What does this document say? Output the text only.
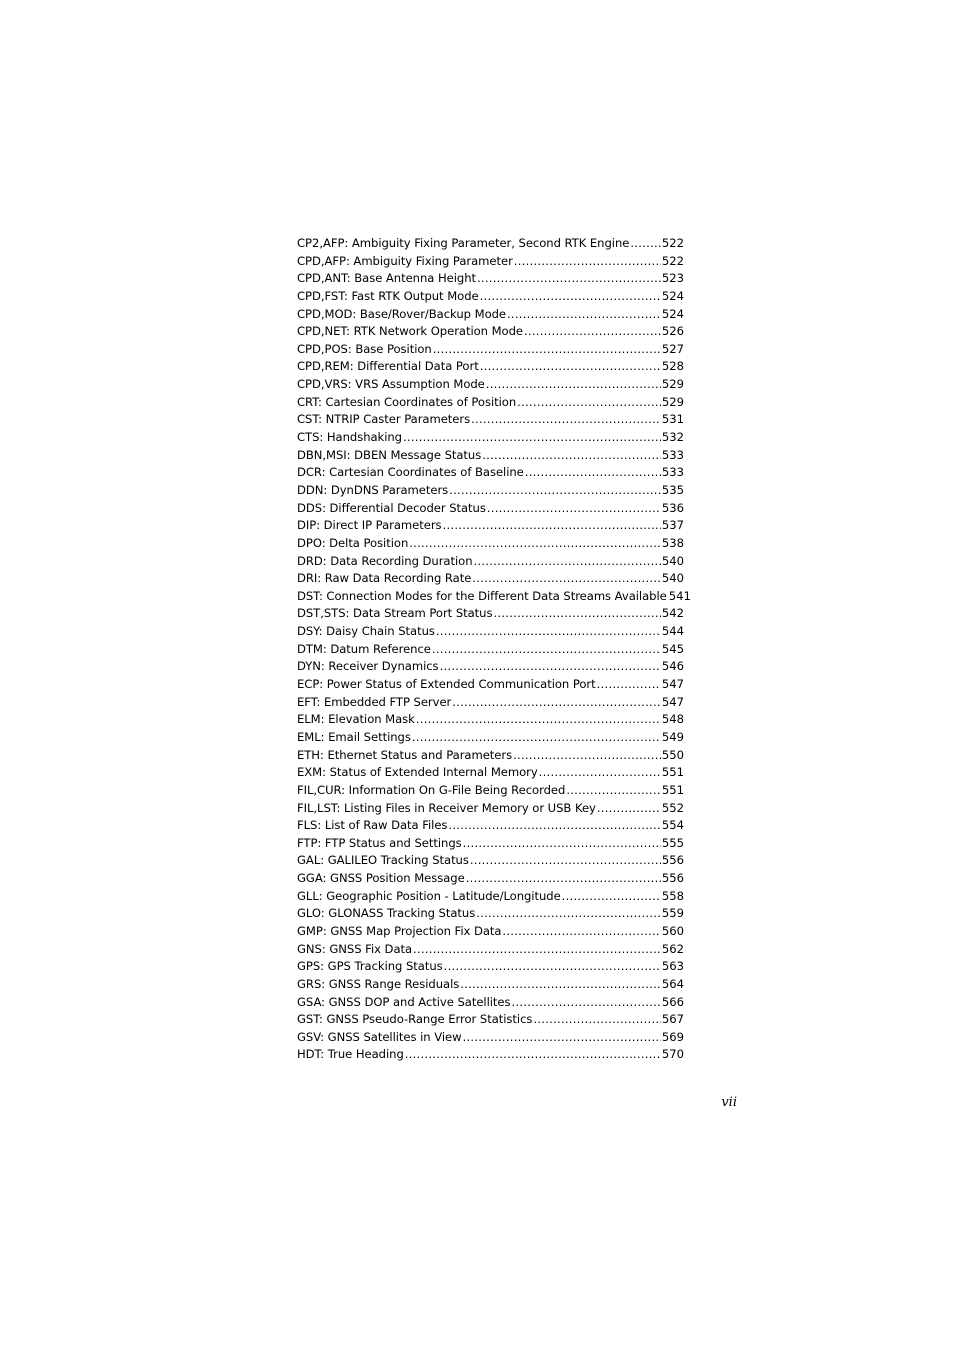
CP2,AFP: Ambiguity Fixing Parameter, Second RTK Engine .....	522
CPD,AFP: Ambiguity Fixing Parameter .....	522
CPD,ANT: Base Antenna Height .....	523
CPD,FST: Fast RTK Output Mode .....	524
CPD,MOD: Base/Rover/Backup Mode .....	524
CPD,NET: RTK Network Operation Mode .....	526
CPD,POS: Base Position .....	527
CPD,REM: Differential Data Port .....	528
CPD,VRS: VRS Assumption Mode .....	529
CRT: Cartesian Coordinates of Position .....	529
CST: NTRIP Caster Parameters .....	531
CTS: Handshaking .....	532
DBN,MSI: DBEN Message Status .....	533
DCR: Cartesian Coordinates of Baseline .....	533
DDN: DynDNS Parameters .....	535
DDS: Differential Decoder Status .....	536
DIP: Direct IP Parameters .....	537
DPO: Delta Position .....	538
DRD: Data Recording Duration .....	540
DRI: Raw Data Recording Rate .....	540
DST: Connection Modes for the Different Data Streams Available 541
DST,STS: Data Stream Port Status .....	542
DSY: Daisy Chain Status .....	544
DTM: Datum Reference .....	545
DYN: Receiver Dynamics .....	546
ECP: Power Status of Extended Communication Port .....	547
EFT: Embedded FTP Server .....	547
ELM: Elevation Mask .....	548
EML: Email Settings .....	549
ETH: Ethernet Status and Parameters .....	550
EXM: Status of Extended Internal Memory .....	551
FIL,CUR: Information On G-File Being Recorded .....	551
FIL,LST: Listing Files in Receiver Memory or USB Key .....	552
FLS: List of Raw Data Files .....	554
FTP: FTP Status and Settings .....	555
GAL: GALILEO Tracking Status .....	556
GGA: GNSS Position Message .....	556
GLL: Geographic Position - Latitude/Longitude .....	558
GLO: GLONASS Tracking Status .....	559
GMP: GNSS Map Projection Fix Data .....	560
GNS: GNSS Fix Data .....	562
GPS: GPS Tracking Status .....	563
GRS: GNSS Range Residuals .....	564
GSA: GNSS DOP and Active Satellites .....	566
GST: GNSS Pseudo-Range Error Statistics .....	567
GSV: GNSS Satellites in View .....	569
HDT: True Heading .....	570
vii
